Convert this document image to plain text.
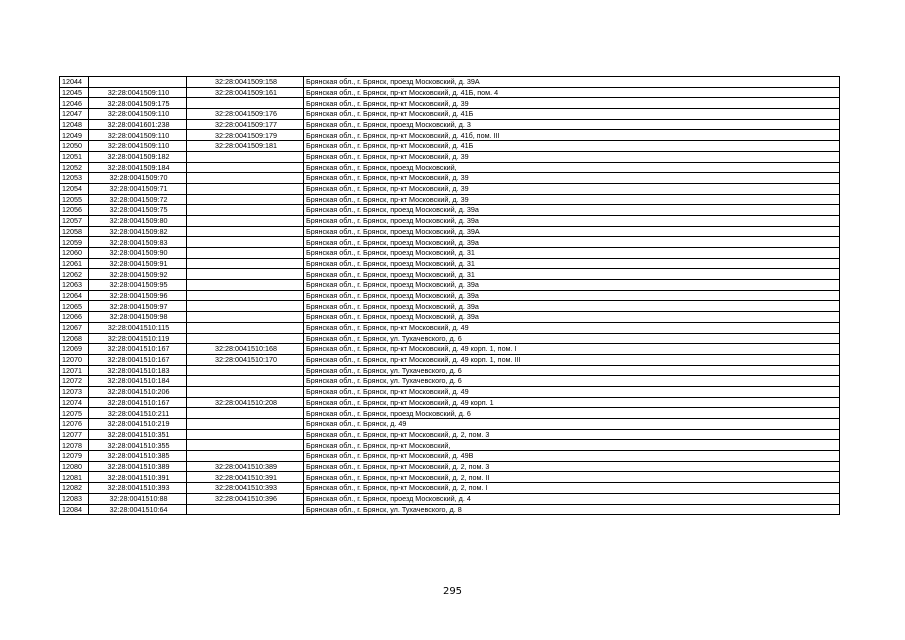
12044		32:28:0041509:158	Брянская обл., г. Брянск, проезд Московский, д. 39А
12045	32:28:0041509:110	32:28:0041509:161	Брянская обл., г. Брянск, пр-кт Московский, д. 41Б, пом. 4
12046	32:28:0041509:175		Брянская обл., г. Брянск, пр-кт Московский, д. 39
12047	32:28:0041509:110	32:28:0041509:176	Брянская обл., г. Брянск, пр-кт Московский, д. 41Б
12048	32:28:0041601:238	32:28:0041509:177	Брянская обл., г. Брянск, проезд Московский, д. 3
12049	32:28:0041509:110	32:28:0041509:179	Брянская обл., г. Брянск, пр-кт Московский, д. 41б, пом. III
12050	32:28:0041509:110	32:28:0041509:181	Брянская обл., г. Брянск, пр-кт Московский, д. 41Б
12051	32:28:0041509:182		Брянская обл., г. Брянск, пр-кт Московский, д. 39
12052	32:28:0041509:184		Брянская обл., г. Брянск, проезд Московский,
12053	32:28:0041509:70		Брянская обл., г. Брянск, пр-кт Московский, д. 39
12054	32:28:0041509:71		Брянская обл., г. Брянск, пр-кт Московский, д. 39
12055	32:28:0041509:72		Брянская обл., г. Брянск, пр-кт Московский, д. 39
12056	32:28:0041509:75		Брянская обл., г. Брянск, проезд Московский, д. 39а
12057	32:28:0041509:80		Брянская обл., г. Брянск, проезд Московский, д. 39а
12058	32:28:0041509:82		Брянская обл., г. Брянск, проезд Московский, д. 39А
12059	32:28:0041509:83		Брянская обл., г. Брянск, проезд Московский, д. 39а
12060	32:28:0041509:90		Брянская обл., г. Брянск, проезд Московский, д. 31
12061	32:28:0041509:91		Брянская обл., г. Брянск, проезд Московский, д. 31
12062	32:28:0041509:92		Брянская обл., г. Брянск, проезд Московский, д. 31
12063	32:28:0041509:95		Брянская обл., г. Брянск, проезд Московский, д. 39а
12064	32:28:0041509:96		Брянская обл., г. Брянск, проезд Московский, д. 39а
12065	32:28:0041509:97		Брянская обл., г. Брянск, проезд Московский, д. 39а
12066	32:28:0041509:98		Брянская обл., г. Брянск, проезд Московский, д. 39а
12067	32:28:0041510:115		Брянская обл., г. Брянск, пр-кт Московский, д. 49
12068	32:28:0041510:119		Брянская обл., г. Брянск, ул. Тухачевского, д. 6
12069	32:28:0041510:167	32:28:0041510:168	Брянская обл., г. Брянск, пр-кт Московский, д. 49 корп. 1, пом. I
12070	32:28:0041510:167	32:28:0041510:170	Брянская обл., г. Брянск, пр-кт Московский, д. 49 корп. 1, пом. III
12071	32:28:0041510:183		Брянская обл., г. Брянск, ул. Тухачевского, д. 6
12072	32:28:0041510:184		Брянская обл., г. Брянск, ул. Тухачевского, д. 6
12073	32:28:0041510:206		Брянская обл., г. Брянск, пр-кт Московский, д. 49
12074	32:28:0041510:167	32:28:0041510:208	Брянская обл., г. Брянск, пр-кт Московский, д. 49 корп. 1
12075	32:28:0041510:211		Брянская обл., г. Брянск, проезд Московский, д. 6
12076	32:28:0041510:219		Брянская обл., г. Брянск, д. 49
12077	32:28:0041510:351		Брянская обл., г. Брянск, пр-кт Московский, д. 2, пом. 3
12078	32:28:0041510:355		Брянская обл., г. Брянск, пр-кт Московский,
12079	32:28:0041510:385		Брянская обл., г. Брянск, пр-кт Московский, д. 49В
12080	32:28:0041510:389	32:28:0041510:389	Брянская обл., г. Брянск, пр-кт Московский, д. 2, пом. 3
12081	32:28:0041510:391	32:28:0041510:391	Брянская обл., г. Брянск, пр-кт Московский, д. 2, пом. II
12082	32:28:0041510:393	32:28:0041510:393	Брянская обл., г. Брянск, пр-кт Московский, д. 2, пом. I
12083	32:28:0041510:88	32:28:0041510:396	Брянская обл., г. Брянск, проезд Московский, д. 4
12084	32:28:0041510:64		Брянская обл., г. Брянск, ул. Тухачевского, д. 8
295
